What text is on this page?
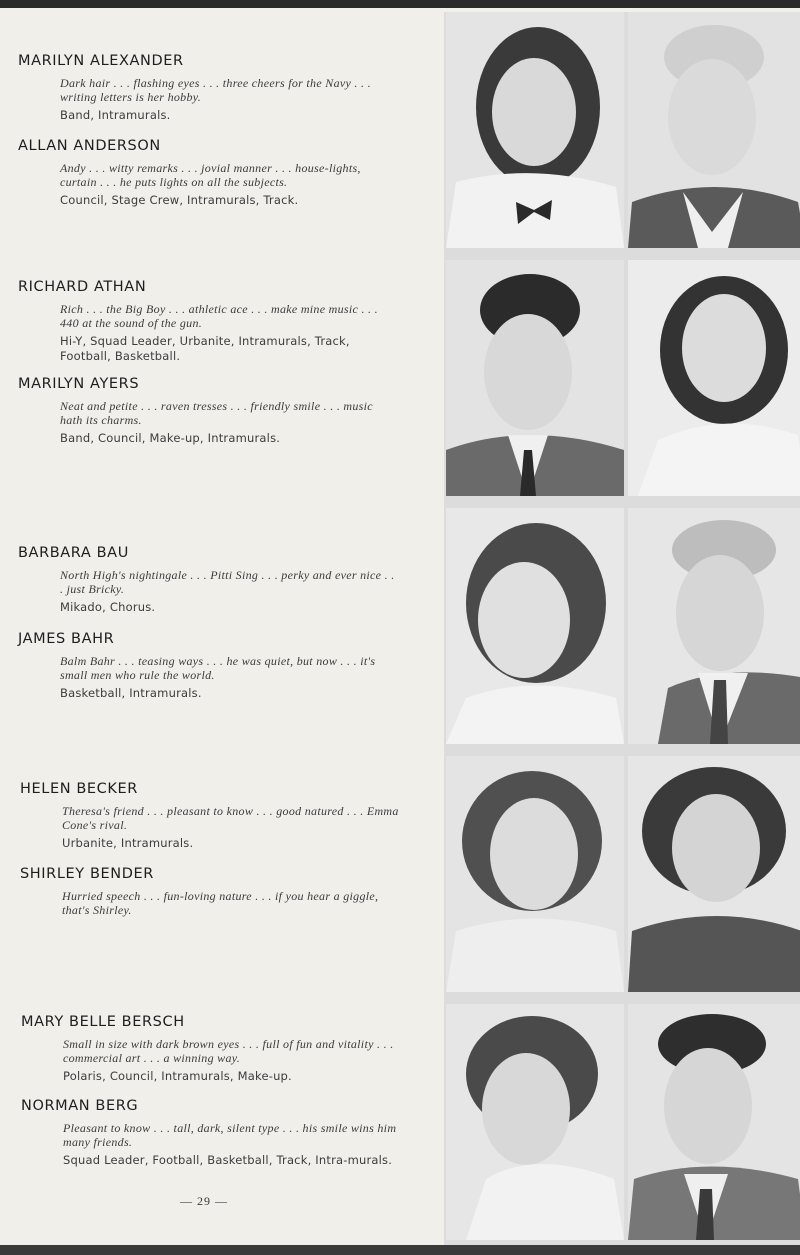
MARILYN ALEXANDER
Dark hair . . . flashing eyes . . . three cheers for the Navy . . . writing letters is her hobby.
Band, Intramurals.
ALLAN ANDERSON
Andy . . . witty remarks . . . jovial manner . . . house-lights, curtain . . . he puts lights on all the subjects.
Council, Stage Crew, Intramurals, Track.
RICHARD ATHAN
Rich . . . the Big Boy . . . athletic ace . . . make mine music . . . 440 at the sound of the gun.
Hi-Y, Squad Leader, Urbanite, Intramurals, Track, Football, Basketball.
MARILYN AYERS
Neat and petite . . . raven tresses . . . friendly smile . . . music hath its charms.
Band, Council, Make-up, Intramurals.
BARBARA BAU
North High's nightingale . . . Pitti Sing . . . perky and ever nice . . . just Bricky.
Mikado, Chorus.
JAMES BAHR
Balm Bahr . . . teasing ways . . . he was quiet, but now . . . it's small men who rule the world.
Basketball, Intramurals.
HELEN BECKER
Theresa's friend . . . pleasant to know . . . good natured . . . Emma Cone's rival.
Urbanite, Intramurals.
SHIRLEY BENDER
Hurried speech . . . fun-loving nature . . . if you hear a giggle, that's Shirley.
MARY BELLE BERSCH
Small in size with dark brown eyes . . . full of fun and vitality . . . commercial art . . . a winning way.
Polaris, Council, Intramurals, Make-up.
NORMAN BERG
Pleasant to know . . . tall, dark, silent type . . . his smile wins him many friends.
Squad Leader, Football, Basketball, Track, Intra-murals.
— 29 —
